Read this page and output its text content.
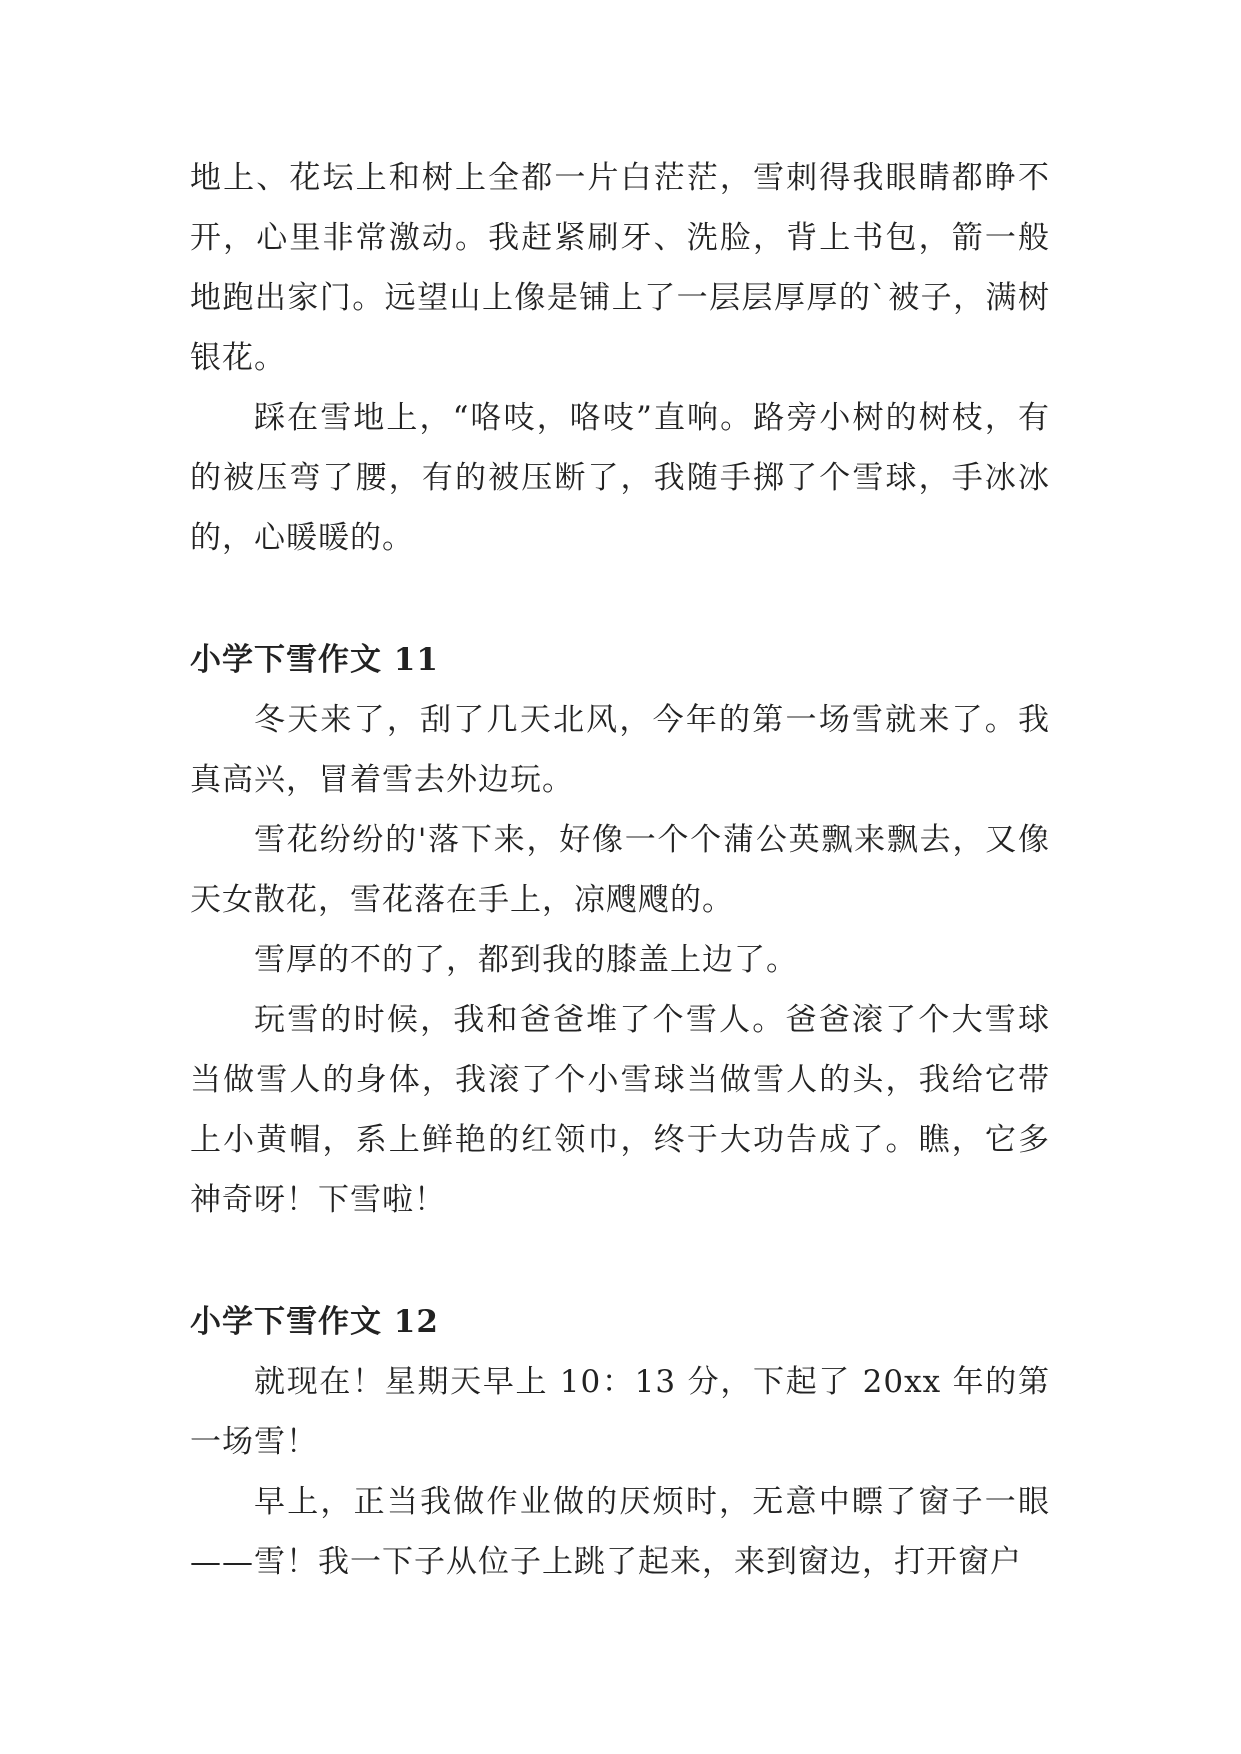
地上、花坛上和树上全都一片白茫茫，雪刺得我眼睛都睁不开，心里非常激动。我赶紧刷牙、洗脸，背上书包，箭一般地跑出家门。远望山上像是铺上了一层层厚厚的`被子，满树银花。

踩在雪地上，“咯吱，咯吱”直响。路旁小树的树枝，有的被压弯了腰，有的被压断了，我随手掷了个雪球，手冰冰的，心暖暖的。

小学下雪作文 11

冬天来了，刮了几天北风，今年的第一场雪就来了。我真高兴，冒着雪去外边玩。

雪花纷纷的'落下来，好像一个个蒲公英飘来飘去，又像天女散花，雪花落在手上，凉飕飕的。

雪厚的不的了，都到我的膝盖上边了。

玩雪的时候，我和爸爸堆了个雪人。爸爸滚了个大雪球当做雪人的身体，我滚了个小雪球当做雪人的头，我给它带上小黄帽，系上鲜艳的红领巾，终于大功告成了。瞧，它多神奇呀！下雪啦！

小学下雪作文 12

就现在！星期天早上 10：13 分，下起了 20xx 年的第一场雪！

早上，正当我做作业做的厌烦时，无意中瞟了窗子一眼——雪！我一下子从位子上跳了起来，来到窗边，打开窗户
